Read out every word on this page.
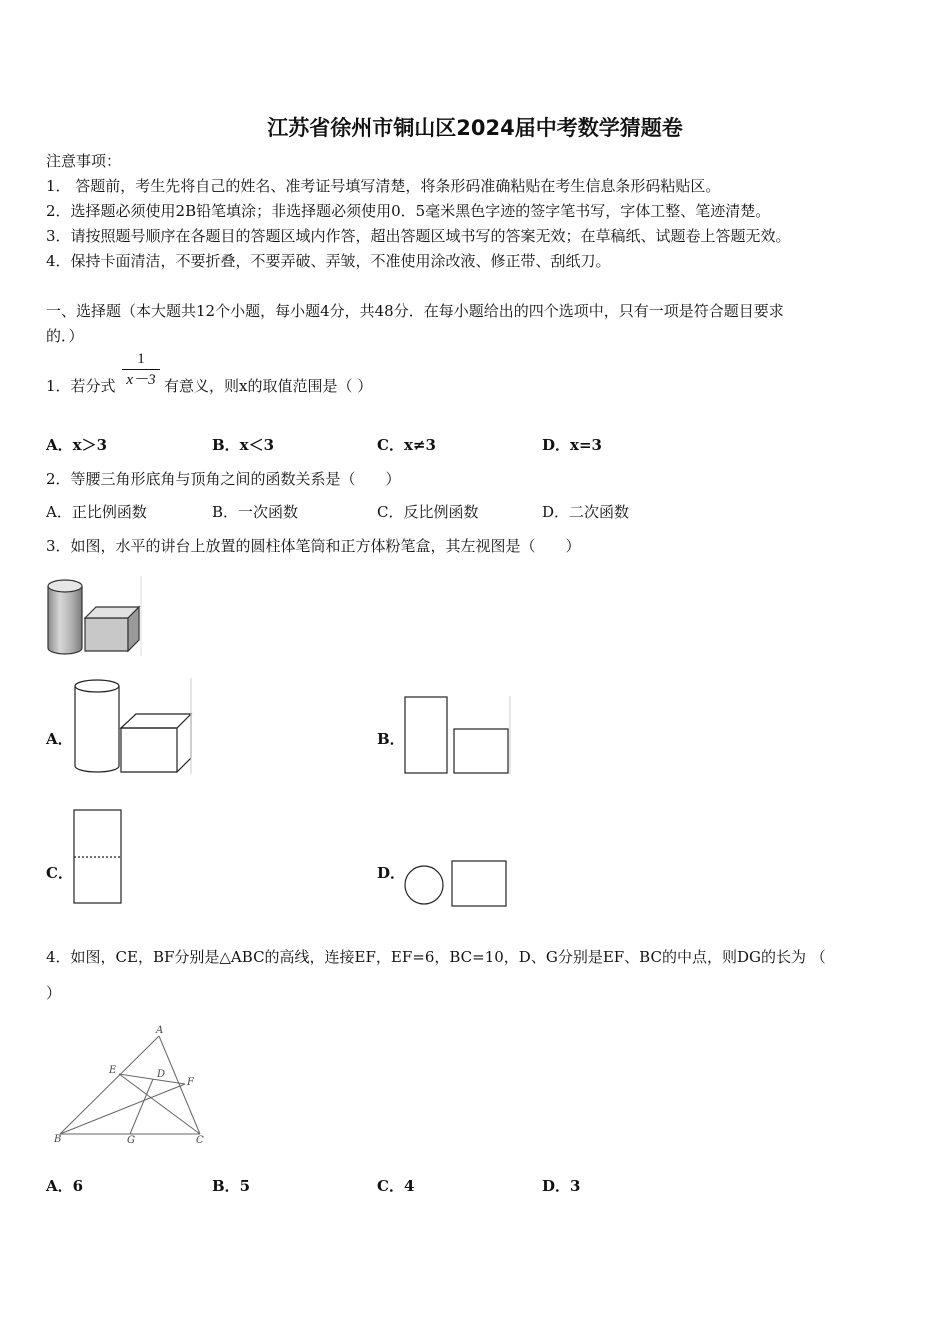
江苏省徐州市铜山区2024届中考数学猜题卷
注意事项：
1． 答题前，考生先将自己的姓名、准考证号填写清楚，将条形码准确粘贴在考生信息条形码粘贴区。
2．选择题必须使用2B铅笔填涂；非选择题必须使用0．5毫米黑色字迹的签字笔书写，字体工整、笔迹清楚。
3．请按照题号顺序在各题目的答题区域内作答，超出答题区域书写的答案无效；在草稿纸、试题卷上答题无效。
4．保持卡面清洁，不要折叠，不要弄破、弄皱，不准使用涂改液、修正带、刮纸刀。
一、选择题（本大题共12个小题，每小题4分，共48分．在每小题给出的四个选项中，只有一项是符合题目要求
的．）
1．若分式
1
x－3 有意义，则x的取值范围是（ ）
A．x＞3	B．x＜3	C．x≠3	D．x=3
2．等腰三角形底角与顶角之间的函数关系是（　　）
A．正比例函数	B．一次函数	C．反比例函数	D．二次函数
3．如图，水平的讲台上放置的圆柱体笔筒和正方体粉笔盒，其左视图是（　　）
A．	B．
C．	D．
4．如图，CE，BF分别是△ABC的高线，连接EF，EF=6，BC=10，D、G分别是EF、BC的中点，则DG的长为 （
）
A
E	D
F
B	G	C
A．6	B．5	C．4	D．3
